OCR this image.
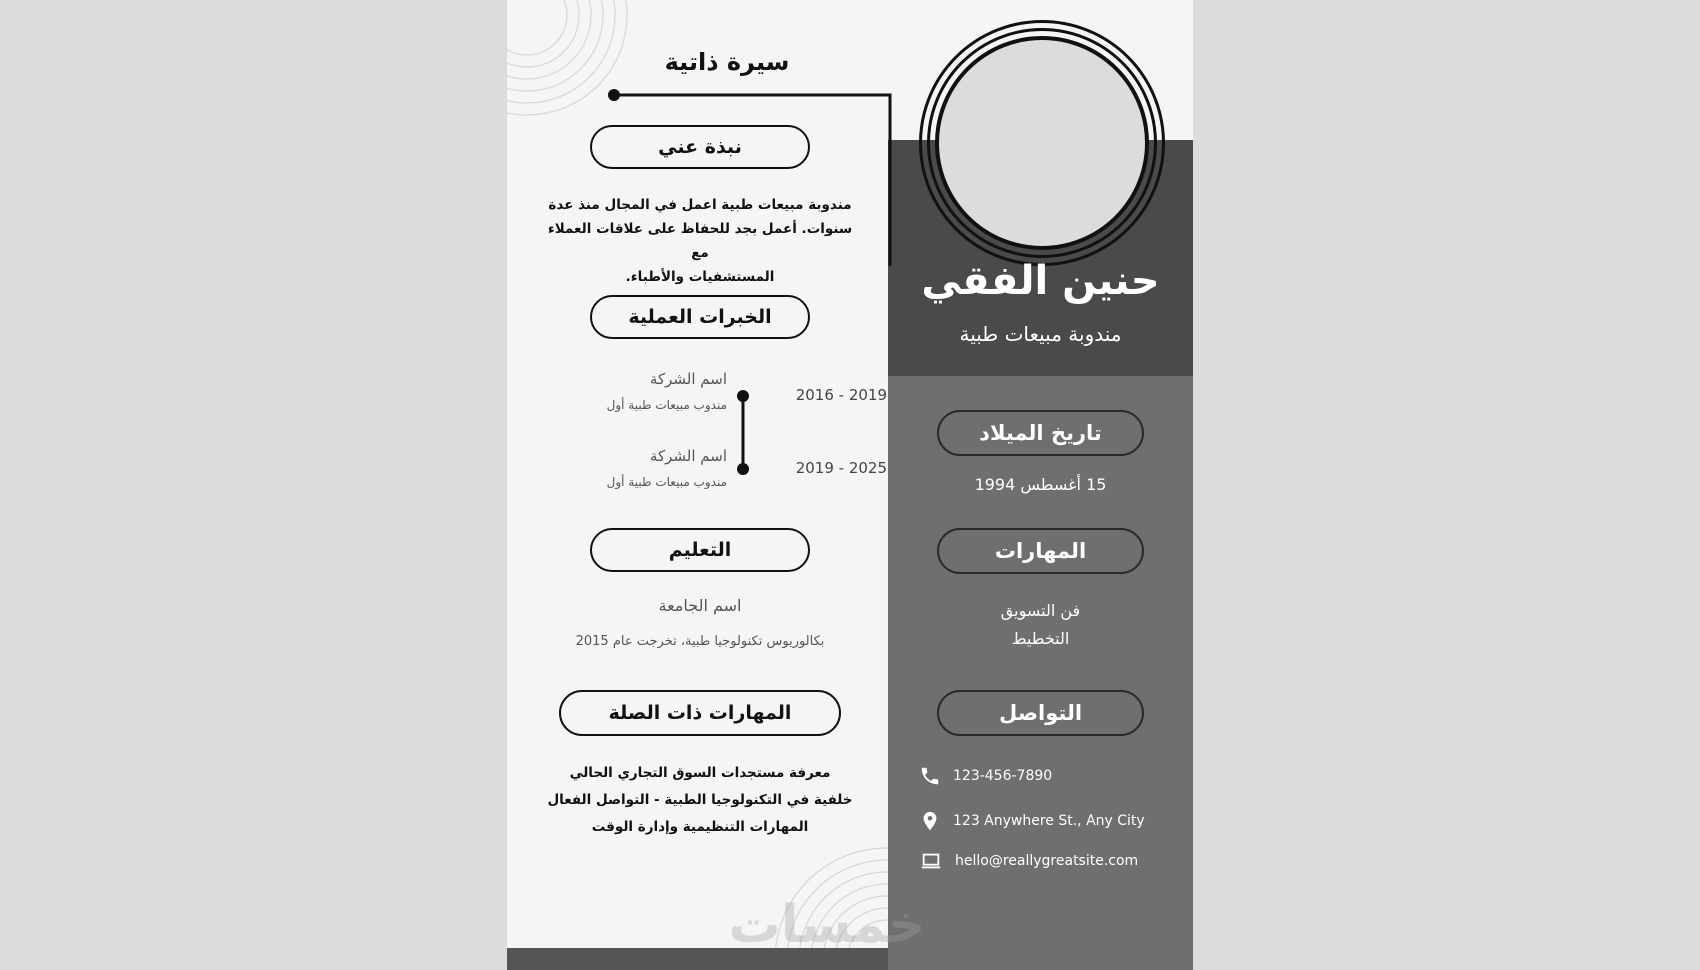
سيرة ذاتية
حنين الفقي
مندوبة مبيعات طبية
نبذة عني
مندوبة مبيعات طبية اعمل في المجال منذ عدة
سنوات. أعمل بجد للحفاظ على علاقات العملاء مع
المستشفيات والأطباء.
الخبرات العملية
2016 - 2019
اسم الشركة
مندوب مبيعات طبية أول
2019 - 2025
اسم الشركة
مندوب مبيعات طبية أول
التعليم
اسم الجامعة
بكالوريوس تكنولوجيا طبية، تخرجت عام 2015
المهارات ذات الصلة
معرفة مستجدات السوق التجاري الحالي
خلفية في التكنولوجيا الطبية - التواصل الفعال
المهارات التنظيمية وإدارة الوقت
تاريخ الميلاد
15 أغسطس 1994
المهارات
فن التسويق
التخطيط
التواصل
123-456-7890
123 Anywhere St., Any City
hello@reallygreatsite.com
خمسات
